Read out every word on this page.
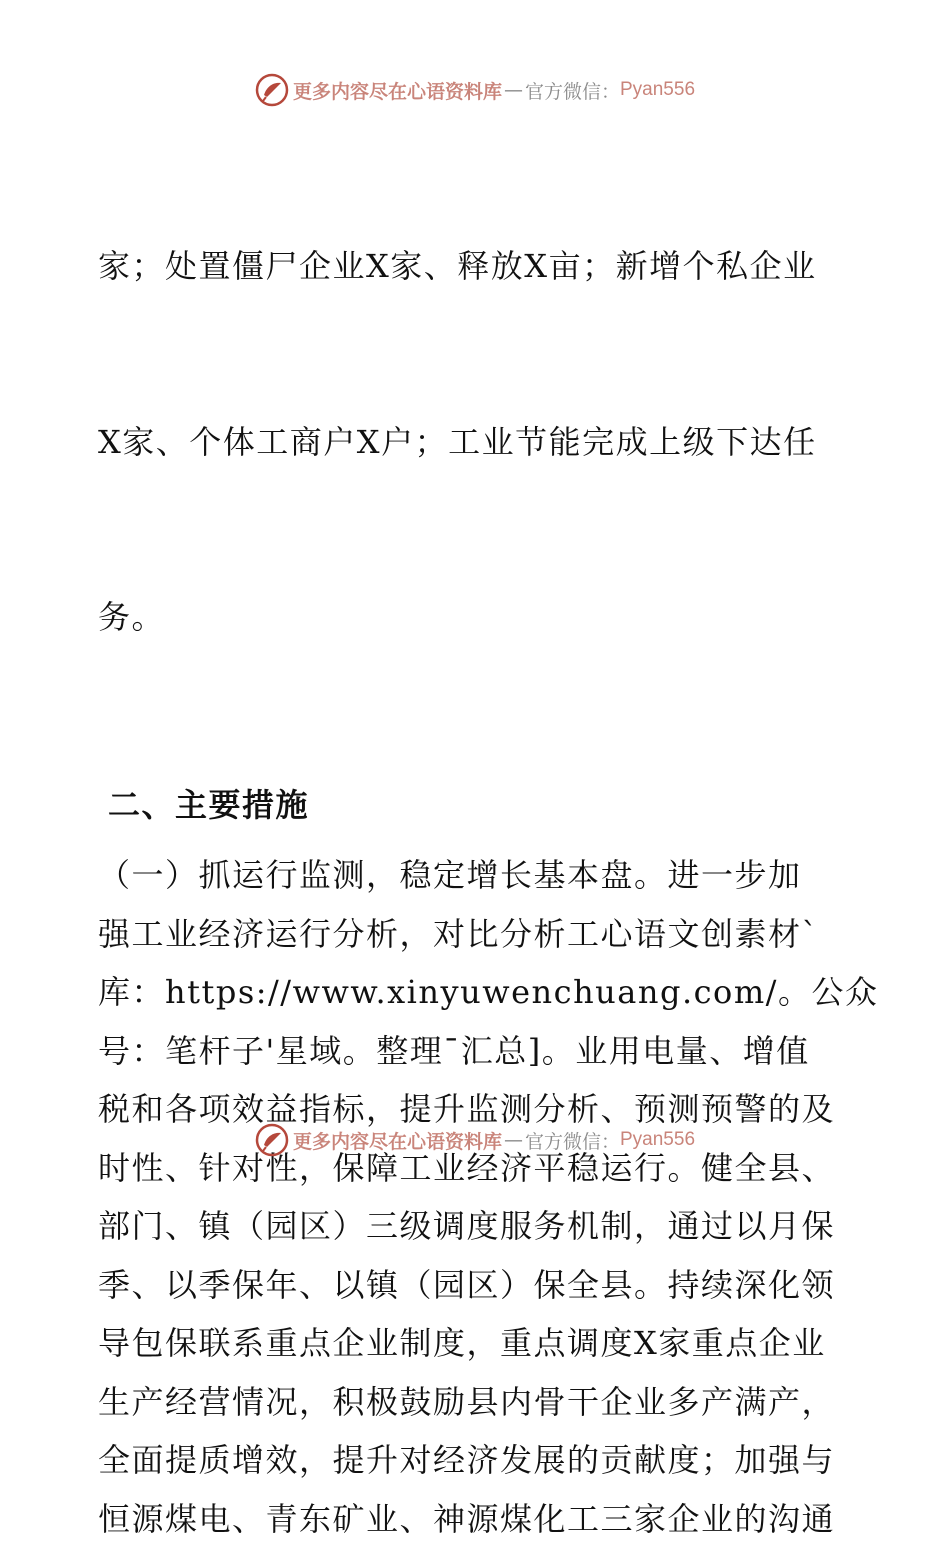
更多内容尽在心语资料库 — 官方微信： Pyan556

家；处置僵尸企业X家、释放X亩；新增个私企业

X家、个体工商户X户；工业节能完成上级下达任

务。

二、主要措施

（一）抓运行监测，稳定增长基本盘。进一步加
强工业经济运行分析，对比分析工心语文创素材`
库：https://www.xinyuwenchuang.com/。公众
号：笔杆子'星域。整理¯汇总]。业用电量、增值
税和各项效益指标，提升监测分析、预测预警的及
时性、针对性，保障工业经济平稳运行。健全县、
部门、镇（园区）三级调度服务机制，通过以月保
季、以季保年、以镇（园区）保全县。持续深化领
导包保联系重点企业制度，重点调度X家重点企业
生产经营情况，积极鼓励县内骨干企业多产满产，
全面提质增效，提升对经济发展的贡献度；加强与
恒源煤电、青东矿业、神源煤化工三家企业的沟通

更多内容尽在心语资料库 — 官方微信： Pyan556
